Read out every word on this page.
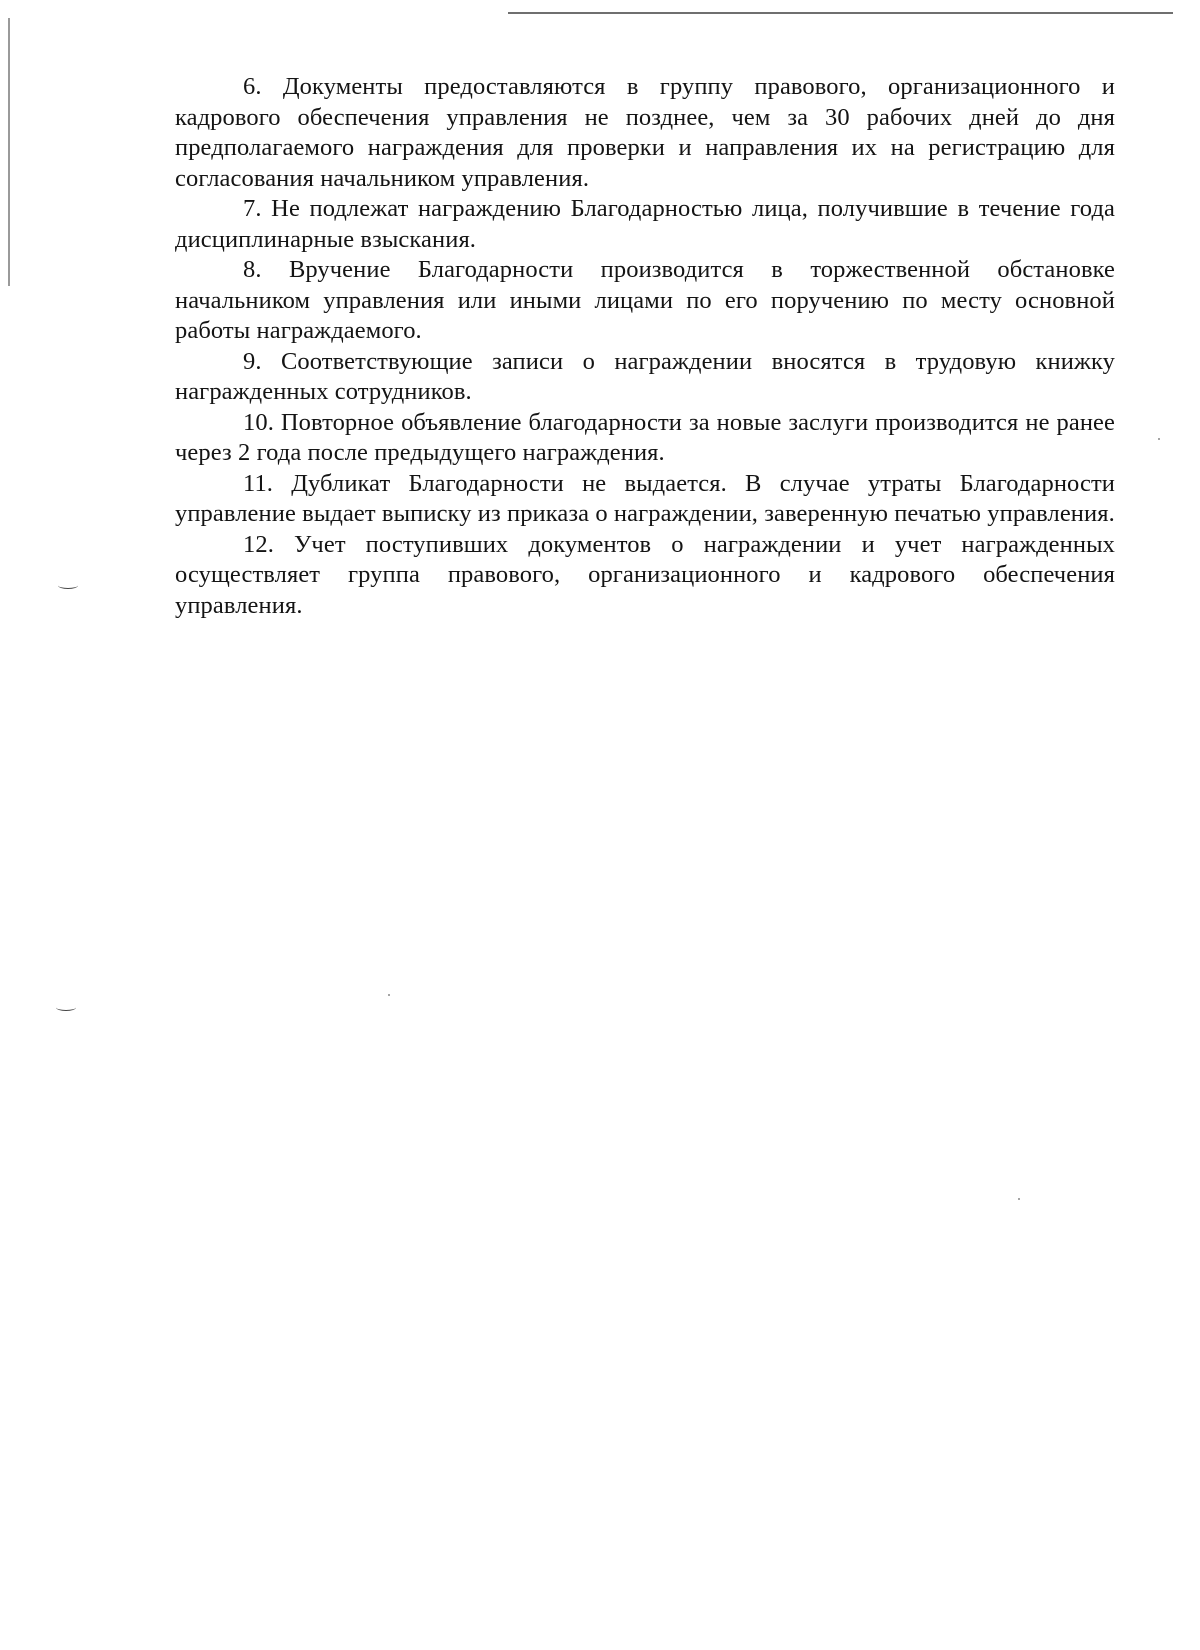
6. Документы предоставляются в группу правового, организационного и кадрового обеспечения управления не позднее, чем за 30 рабочих дней до дня предполагаемого награждения для проверки и направления их на регистрацию для согласования начальником управления.

7. Не подлежат награждению Благодарностью лица, получившие в течение года дисциплинарные взыскания.

8. Вручение Благодарности производится в торжественной обстановке начальником управления или иными лицами по его поручению по месту основной работы награждаемого.

9. Соответствующие записи о награждении вносятся в трудовую книжку награжденных сотрудников.

10. Повторное объявление благодарности за новые заслуги производится не ранее через 2 года после предыдущего награждения.

11. Дубликат Благодарности не выдается. В случае утраты Благодарности управление выдает выписку из приказа о награждении, заверенную печатью управления.

12. Учет поступивших документов о награждении и учет награжденных осуществляет группа правового, организационного и кадрового обеспечения управления.
